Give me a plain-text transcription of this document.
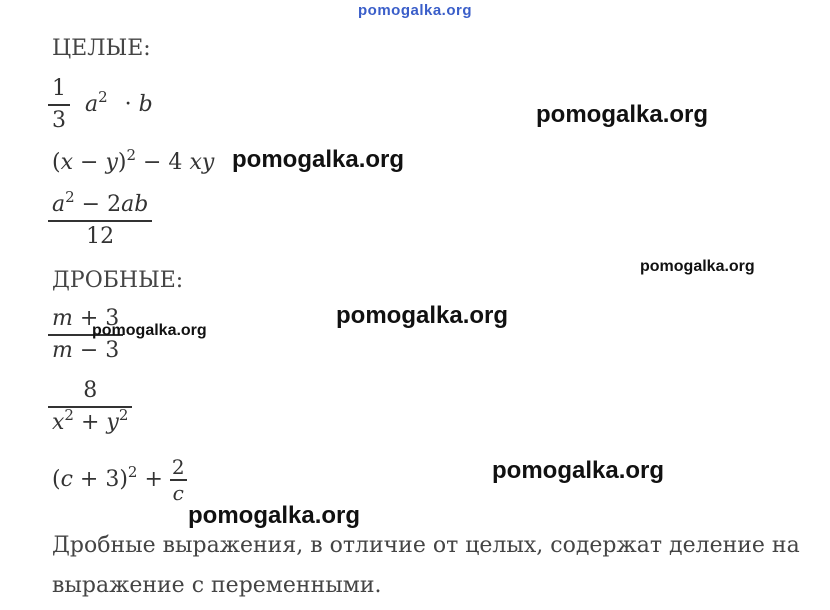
pomogalka.org
ЦЕЛЫЕ:
$\frac{1}{3} a^2 \cdot b$
$(x - y)^2 - 4$ xy
$\frac{a^2 - 2ab}{12}$
ДРОБНЫЕ:
$\frac{m + 3}{m - 3}$
$\frac{8}{x^2 + y^2}$
$(c + 3)^2 + \frac{2}{c}$
Дробные выражения, в отличие от целых, содержат деление на
выражение с переменными.
pomogalka.org
pomogalka.org
pomogalka.org
pomogalka.org
pomogalka.org
pomogalka.org
pomogalka.org
